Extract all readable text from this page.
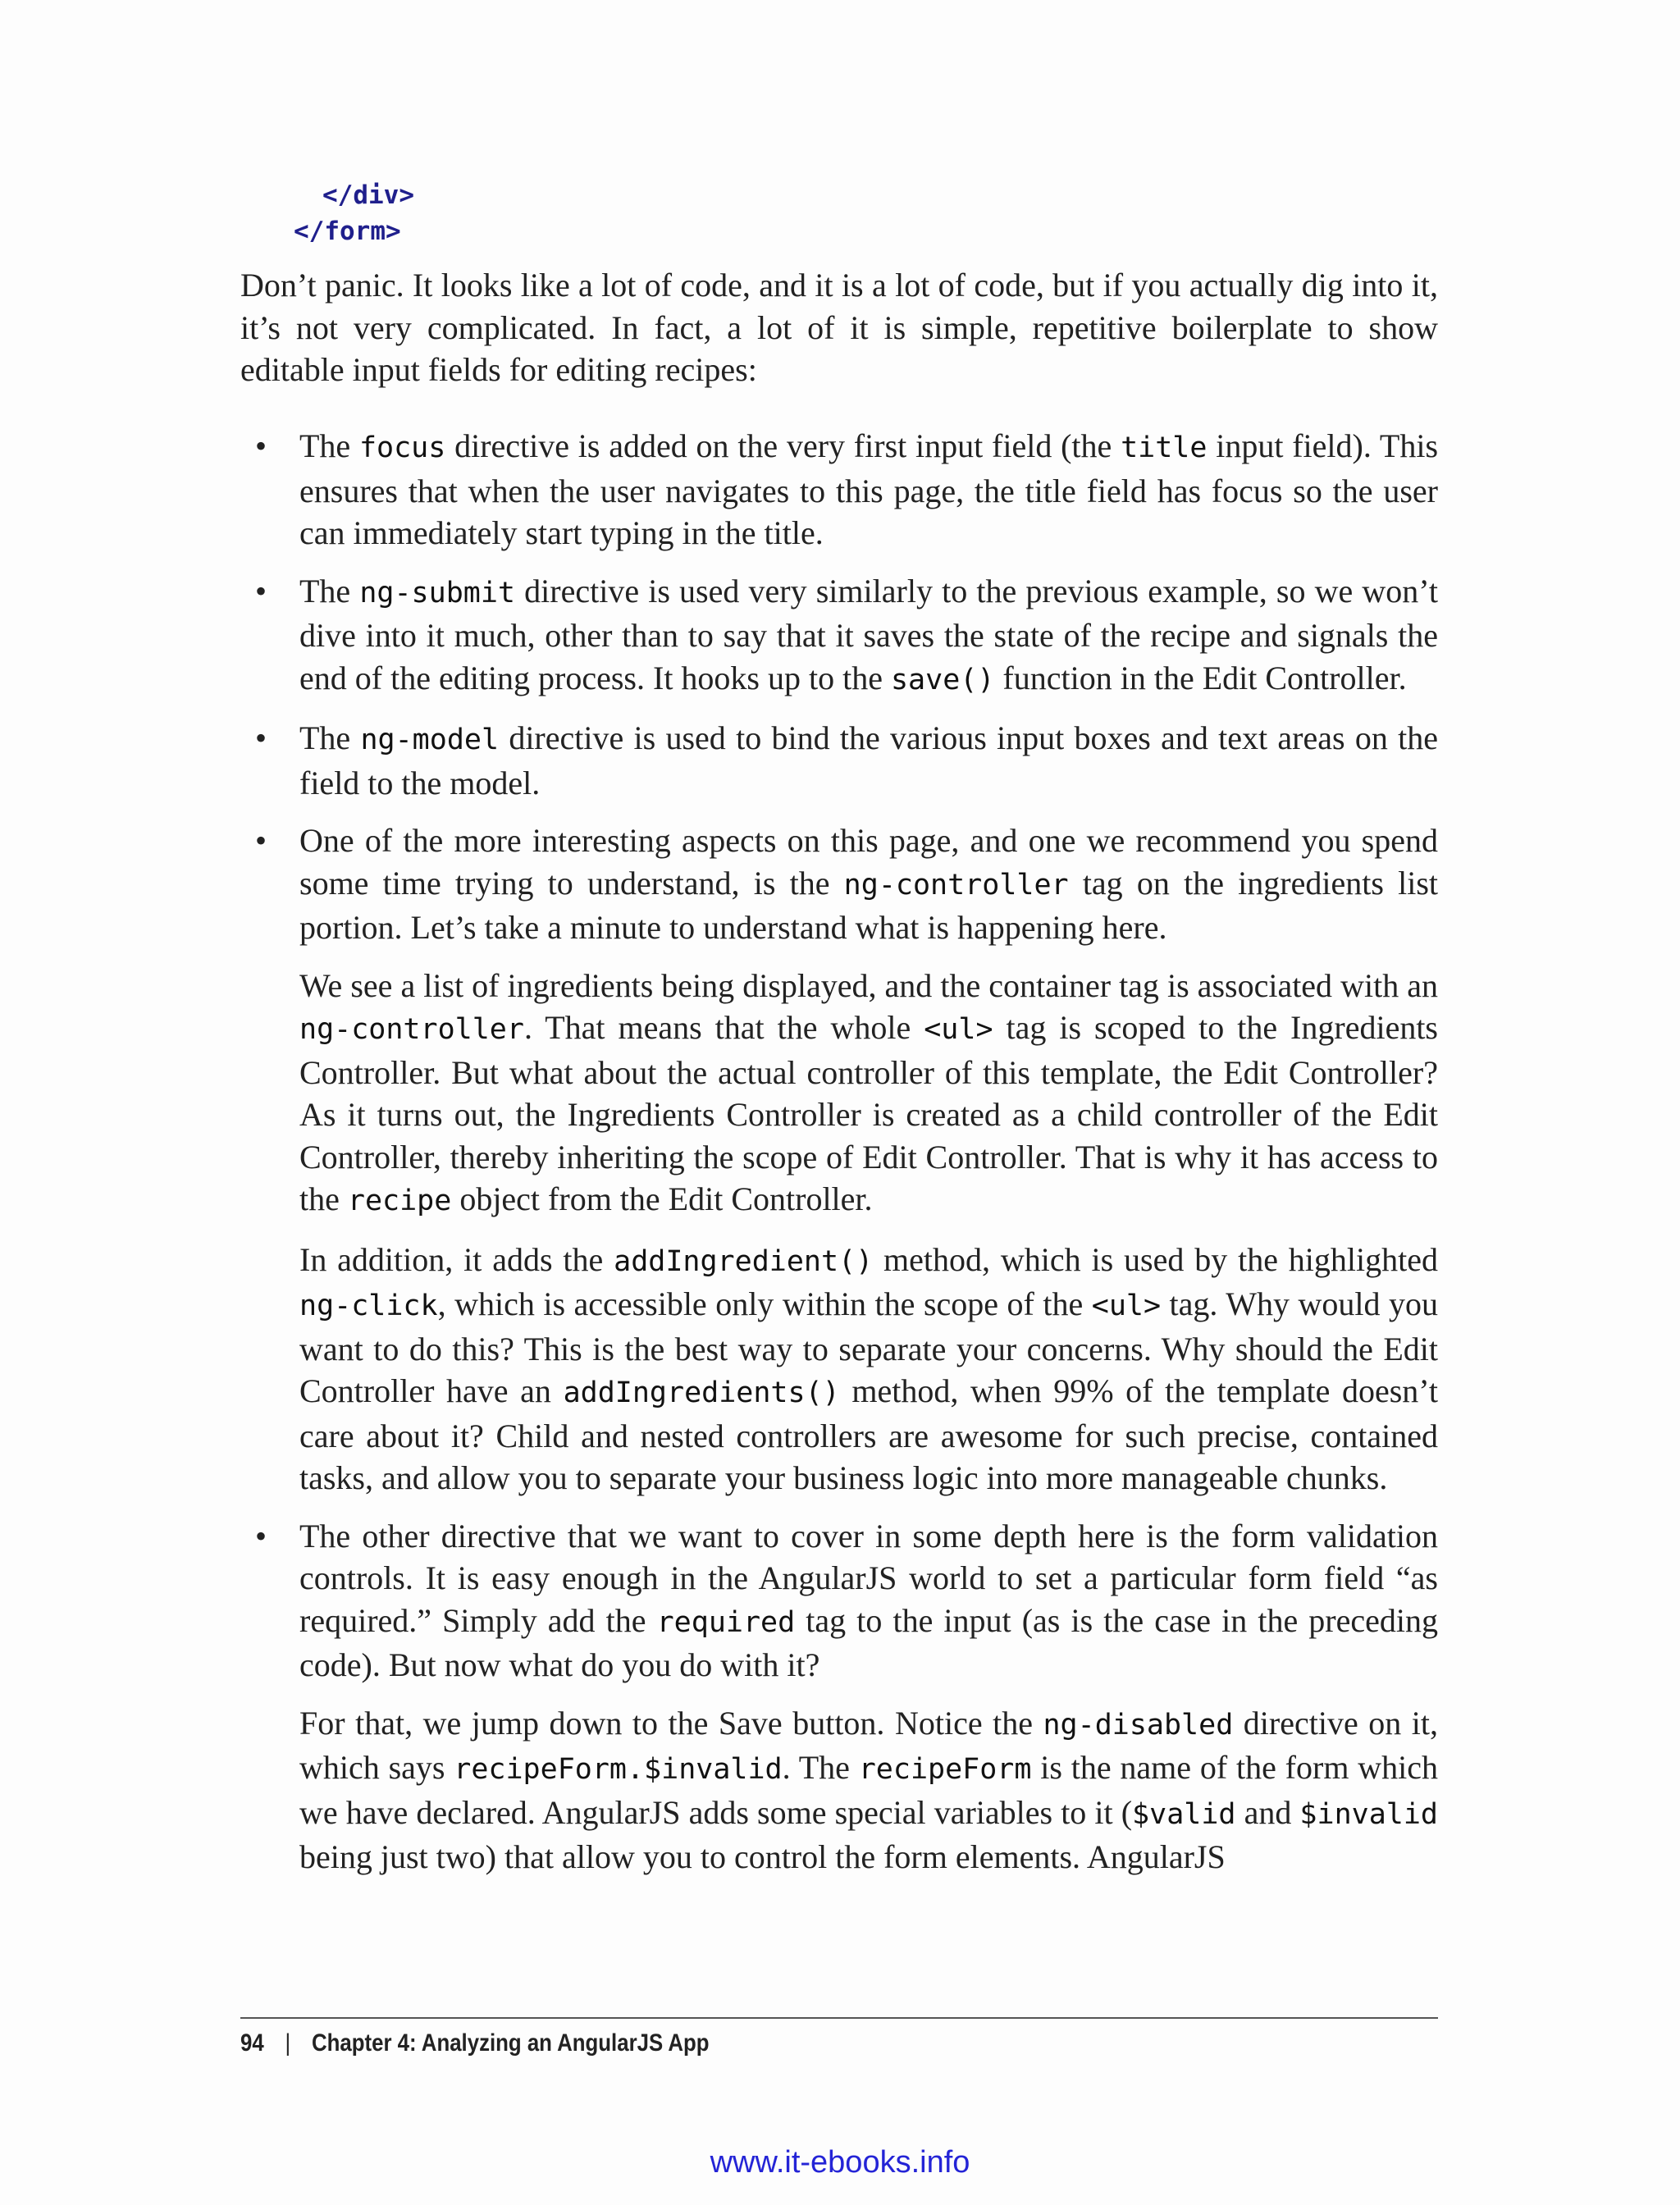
</div>
</form>

Don’t panic. It looks like a lot of code, and it is a lot of code, but if you actually dig into it, it’s not very complicated. In fact, a lot of it is simple, repetitive boilerplate to show editable input fields for editing recipes:

• The focus directive is added on the very first input field (the title input field). This ensures that when the user navigates to this page, the title field has focus so the user can immediately start typing in the title.

• The ng-submit directive is used very similarly to the previous example, so we won’t dive into it much, other than to say that it saves the state of the recipe and signals the end of the editing process. It hooks up to the save() function in the Edit Controller.

• The ng-model directive is used to bind the various input boxes and text areas on the field to the model.

• One of the more interesting aspects on this page, and one we recommend you spend some time trying to understand, is the ng-controller tag on the ingredients list portion. Let’s take a minute to understand what is happening here.

We see a list of ingredients being displayed, and the container tag is associated with an ng-controller. That means that the whole <ul> tag is scoped to the Ingredients Controller. But what about the actual controller of this template, the Edit Controller? As it turns out, the Ingredients Controller is created as a child controller of the Edit Controller, thereby inheriting the scope of Edit Controller. That is why it has access to the recipe object from the Edit Controller.

In addition, it adds the addIngredient() method, which is used by the highlighted ng-click, which is accessible only within the scope of the <ul> tag. Why would you want to do this? This is the best way to separate your concerns. Why should the Edit Controller have an addIngredients() method, when 99% of the template doesn’t care about it? Child and nested controllers are awesome for such precise, contained tasks, and allow you to separate your business logic into more manageable chunks.

• The other directive that we want to cover in some depth here is the form validation controls. It is easy enough in the AngularJS world to set a particular form field “as required.” Simply add the required tag to the input (as is the case in the preceding code). But now what do you do with it?

For that, we jump down to the Save button. Notice the ng-disabled directive on it, which says recipeForm.$invalid. The recipeForm is the name of the form which we have declared. AngularJS adds some special variables to it ($valid and $invalid being just two) that allow you to control the form elements. AngularJS

94 | Chapter 4: Analyzing an AngularJS App
www.it-ebooks.info
